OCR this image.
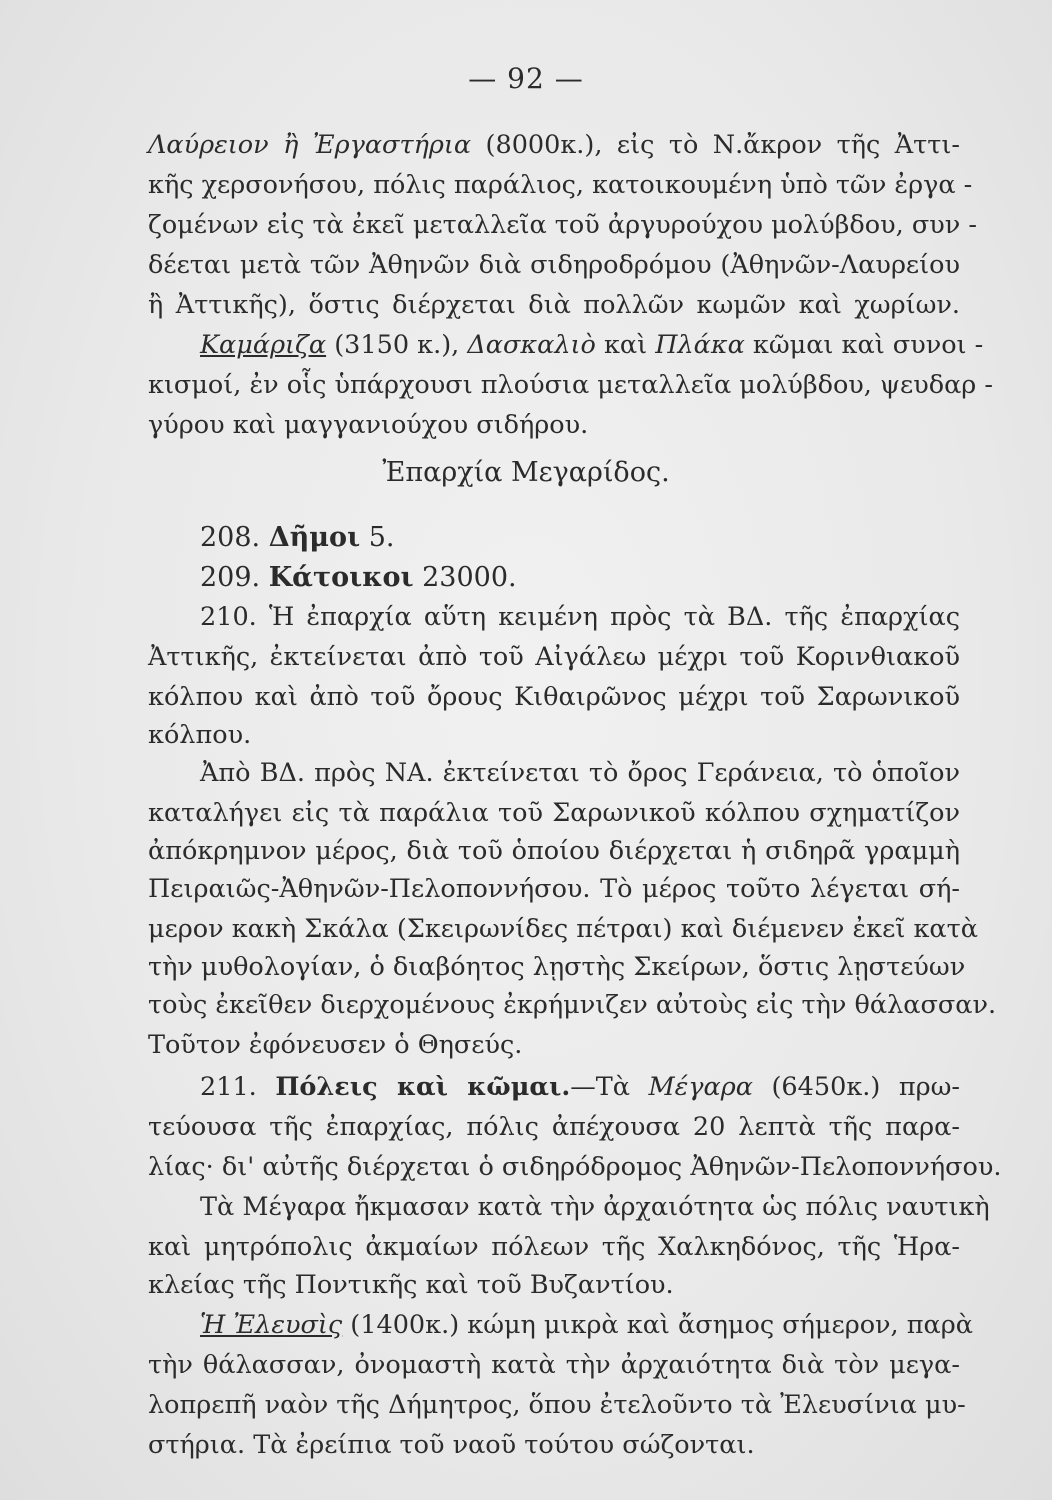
— 92 —
Λαύρειον ἢ Ἐργαστήρια (8000κ.), εἰς τὸ Ν.ἄκρον τῆς Ἀττι-
κῆς χερσονήσου, πόλις παράλιος, κατοικουμένη ὑπὸ τῶν ἐργα -
ζομένων εἰς τὰ ἐκεῖ μεταλλεῖα τοῦ ἀργυρούχου μολύβδου, συν -
δέεται μετὰ τῶν Ἀθηνῶν διὰ σιδηροδρόμου (Ἀθηνῶν-Λαυρείου
ἢ Ἀττικῆς), ὅστις διέρχεται διὰ πολλῶν κωμῶν καὶ χωρίων.
Καμάριζα (3150 κ.), Δασκαλιὸ καὶ Πλάκα κῶμαι καὶ συνοι -
κισμοί, ἐν οἷς ὑπάρχουσι πλούσια μεταλλεῖα μολύβδου, ψευδαρ -
γύρου καὶ μαγγανιούχου σιδήρου.
Ἐπαρχία Μεγαρίδος.
208. Δῆμοι 5.
209. Κάτοικοι 23000.
210. Ἡ ἐπαρχία αὕτη κειμένη πρὸς τὰ ΒΔ. τῆς ἐπαρχίας
Ἀττικῆς, ἐκτείνεται ἀπὸ τοῦ Αἰγάλεω μέχρι τοῦ Κορινθιακοῦ
κόλπου καὶ ἀπὸ τοῦ ὄρους Κιθαιρῶνος μέχρι τοῦ Σαρωνικοῦ
κόλπου.
Ἀπὸ ΒΔ. πρὸς ΝΑ. ἐκτείνεται τὸ ὄρος Γεράνεια, τὸ ὁποῖον
καταλήγει εἰς τὰ παράλια τοῦ Σαρωνικοῦ κόλπου σχηματίζον
ἀπόκρημνον μέρος, διὰ τοῦ ὁποίου διέρχεται ἡ σιδηρᾶ γραμμὴ
Πειραιῶς-Ἀθηνῶν-Πελοποννήσου. Τὸ μέρος τοῦτο λέγεται σή-
μερον κακὴ Σκάλα (Σκειρωνίδες πέτραι) καὶ διέμενεν ἐκεῖ κατὰ
τὴν μυθολογίαν, ὁ διαβόητος λῃστὴς Σκείρων, ὅστις λῃστεύων
τοὺς ἐκεῖθεν διερχομένους ἐκρήμνιζεν αὐτοὺς εἰς τὴν θάλασσαν.
Τοῦτον ἐφόνευσεν ὁ Θησεύς.
211. Πόλεις καὶ κῶμαι.—Τὰ Μέγαρα (6450κ.) πρω-
τεύουσα τῆς ἐπαρχίας, πόλις ἀπέχουσα 20 λεπτὰ τῆς παρα-
λίας· δι' αὐτῆς διέρχεται ὁ σιδηρόδρομος Ἀθηνῶν-Πελοποννήσου.
Τὰ Μέγαρα ἤκμασαν κατὰ τὴν ἀρχαιότητα ὡς πόλις ναυτικὴ
καὶ μητρόπολις ἀκμαίων πόλεων τῆς Χαλκηδόνος, τῆς Ἡρα-
κλείας τῆς Ποντικῆς καὶ τοῦ Βυζαντίου.
Ἡ Ἐλευσὶς (1400κ.) κώμη μικρὰ καὶ ἄσημος σήμερον, παρὰ
τὴν θάλασσαν, ὀνομαστὴ κατὰ τὴν ἀρχαιότητα διὰ τὸν μεγα-
λοπρεπῆ ναὸν τῆς Δήμητρος, ὅπου ἐτελοῦντο τὰ Ἐλευσίνια μυ-
στήρια. Τὰ ἐρείπια τοῦ ναοῦ τούτου σώζονται.
